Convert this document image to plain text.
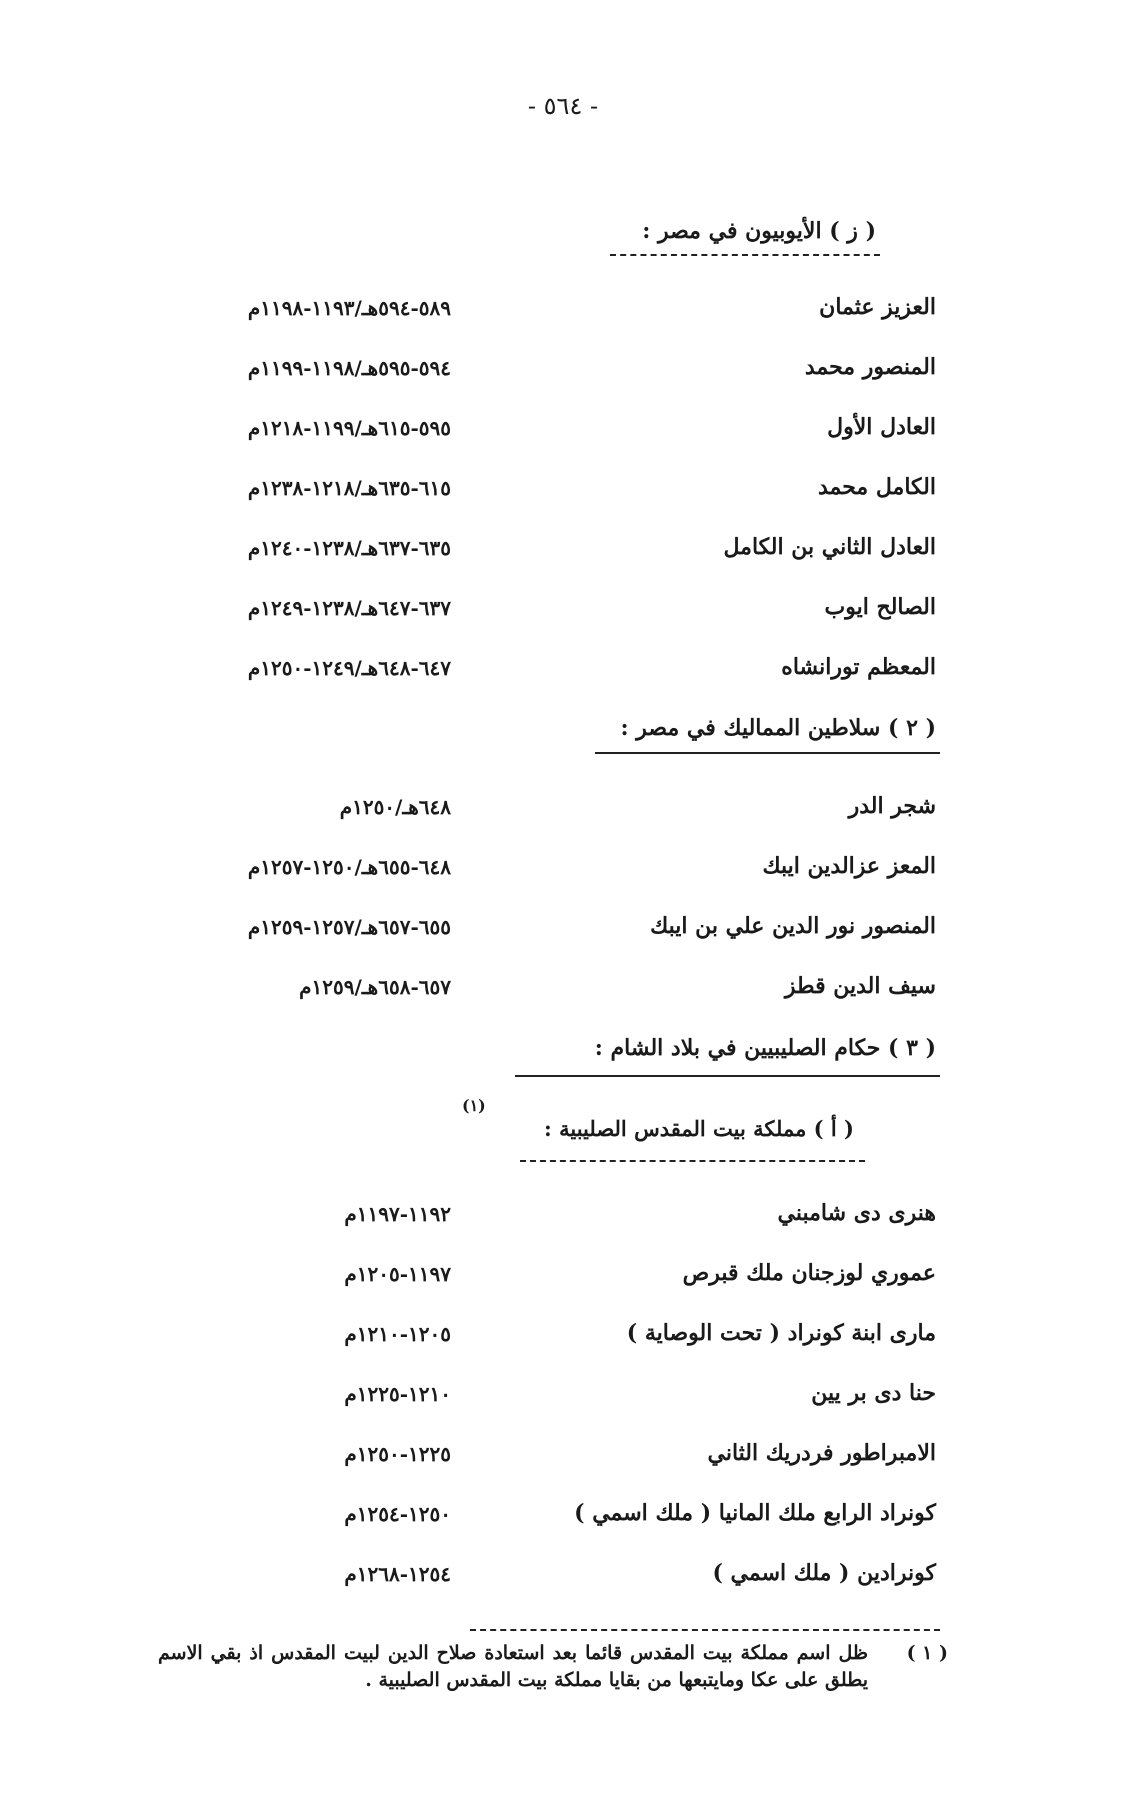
- ٥٦٤ -
( ز ) الأيوبيون في مصر :
العزيز عثمان
٥٨٩-٥٩٤هـ/١١٩٣-١١٩٨م
المنصور محمد
٥٩٤-٥٩٥هـ/١١٩٨-١١٩٩م
العادل الأول
٥٩٥-٦١٥هـ/١١٩٩-١٢١٨م
الكامل محمد
٦١٥-٦٣٥هـ/١٢١٨-١٢٣٨م
العادل الثاني بن الكامل
٦٣٥-٦٣٧هـ/١٢٣٨-١٢٤٠م
الصالح ايوب
٦٣٧-٦٤٧هـ/١٢٣٨-١٢٤٩م
المعظم تورانشاه
٦٤٧-٦٤٨هـ/١٢٤٩-١٢٥٠م
( ٢ ) سلاطين المماليك في مصر :
شجر الدر
٦٤٨هـ/١٢٥٠م
المعز عزالدين ايبك
٦٤٨-٦٥٥هـ/١٢٥٠-١٢٥٧م
المنصور نور الدين علي بن ايبك
٦٥٥-٦٥٧هـ/١٢٥٧-١٢٥٩م
سيف الدين قطز
٦٥٧-٦٥٨هـ/١٢٥٩م
( ٣ ) حكام الصليبيين في بلاد الشام :
(١)
( أ ) مملكة بيت المقدس الصليبية :
هنرى دى شامبني
١١٩٢-١١٩٧م
عموري لوزجنان ملك قبرص
١١٩٧-١٢٠٥م
مارى ابنة كونراد ( تحت الوصاية )
١٢٠٥-١٢١٠م
حنا دى بر يين
١٢١٠-١٢٢٥م
الامبراطور فردريك الثاني
١٢٢٥-١٢٥٠م
كونراد الرابع ملك المانيا ( ملك اسمي )
١٢٥٠-١٢٥٤م
كونرادين ( ملك اسمي )
١٢٥٤-١٢٦٨م
( ١ )
ظل اسم مملكة بيت المقدس قائما بعد استعادة صلاح الدين لبيت المقدس اذ بقي الاسم يطلق على عكا ومايتبعها من بقايا مملكة بيت المقدس الصليبية .
